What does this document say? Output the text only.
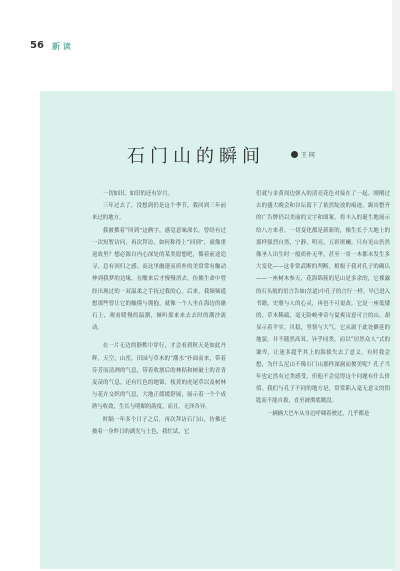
56 新 读
石门山的瞬间	王 同

一切如旧，如旧的还有岁月。

三年过去了，没想到仍是这个季节，我回到三年前来过的地方。

我被撰着“回到”这俩字，感觉意味深长。曾经有过一次短暂访问，再次拜访，如何称得上“回到”，就像重返故里？想必源自内心深处的某类愿想吧，循着前途追寻，总有回归之感。而这里幽邃而质朴的美常常有触动伸到我梦的边缘，在酣来后才慢慢消去，仿佛生命中曾经出现过的一双温柔之手抚过我的心。后来，我频频遥想那些曾让它的触摸与拥抱，就像一个人坐在海边的礁石上，观看暖慢的温潮，倾听那来来去去时的潮沙流动。

在一片无边的静默中穿行，才会看到秋天是如此丹辉，天空，山峦，田园与草木的“潮水”扑面而来，带着芬芳而清冽的气息，带着收割后的林秸和树破土的青青麦苗的气息，还有红色的地锦，枝黄的虎尾草以及树林与花卉交织的气息，大地正缓缓舒展，展示着一个个成熟与收敛，生长与明媚的韵度，而且，无泽各异。

时隔一年多个日子之后，再次拜访石门山，仿佛还披着一身昨日的湖光与土色，我忙试，它

们就与金黄周边弹入的清亮花色对接在了一起。刚刚过去的盛大晚会和谷坛留下了依然绽放的痕迹，踢出整齐的广告牌仍以美丽的文字和图案，将丰入的诞生地展示给八方来者。一切变化都是新新的，像生长于大地上的那样强烈自然，宁静，明亮，五彩斑斓。只有见山仍然像圣人出生时一般质朴无华，甚至一景一木都未发生多大变化——这非常武断的判断，植根于我对孔子的确认——一座树木参天，花海锦簇的尼山是多余的，它裸露的石头般的语言告如(岔道)中孔子的言行一样，早已进入书籍，史册与人的心灵，再也不可更改。它是一座低矮的，草木稀疏，毫无险峻垂奇与夏爽诗意可言的山，却显示着平实，贝稳，坚韧与大气。它从属于此处僻延的地貌，并不随然高耸，异乎同类，而以“居然众人”式的谦卑，让迷多超乎其上的海拔失去了意义。有时我会想，为什么尼山不像石门山那样深涧而俊美呢？孔子当年也定然有过类感受，但他不会觉得这个问题有什么价值。我们与孔子不同的地方是，常常陷入毫无意义的钥匙而不能自拔，直至被彻底缴没。

一辆辆大巴车从身边呼啸着驶过，几乎都是
